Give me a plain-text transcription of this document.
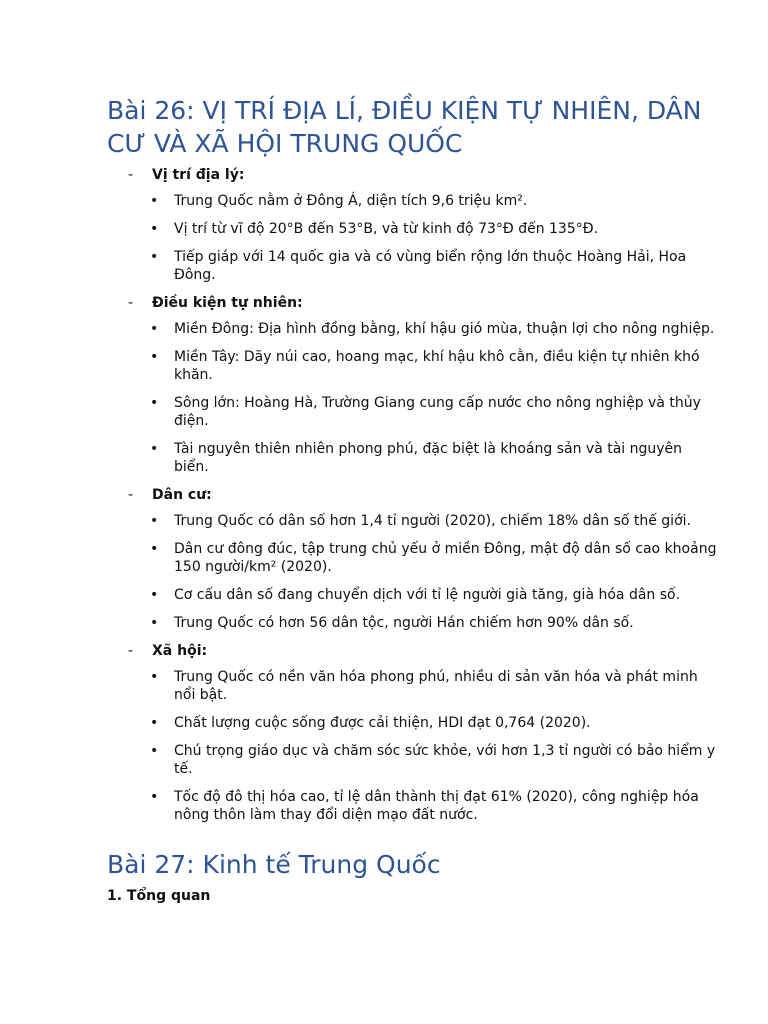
Bài 26: VỊ TRÍ ĐỊA LÍ, ĐIỀU KIỆN TỰ NHIÊN, DÂN CƯ VÀ XÃ HỘI TRUNG QUỐC
- Vị trí địa lý:
• Trung Quốc nằm ở Đông Á, diện tích 9,6 triệu km².
• Vị trí từ vĩ độ 20°B đến 53°B, và từ kinh độ 73°Đ đến 135°Đ.
• Tiếp giáp với 14 quốc gia và có vùng biển rộng lớn thuộc Hoàng Hải, Hoa Đông.
- Điều kiện tự nhiên:
• Miền Đông: Địa hình đồng bằng, khí hậu gió mùa, thuận lợi cho nông nghiệp.
• Miền Tây: Dãy núi cao, hoang mạc, khí hậu khô cằn, điều kiện tự nhiên khó khăn.
• Sông lớn: Hoàng Hà, Trường Giang cung cấp nước cho nông nghiệp và thủy điện.
• Tài nguyên thiên nhiên phong phú, đặc biệt là khoáng sản và tài nguyên biển.
- Dân cư:
• Trung Quốc có dân số hơn 1,4 tỉ người (2020), chiếm 18% dân số thế giới.
• Dân cư đông đúc, tập trung chủ yếu ở miền Đông, mật độ dân số cao khoảng 150 người/km² (2020).
• Cơ cấu dân số đang chuyển dịch với tỉ lệ người già tăng, già hóa dân số.
• Trung Quốc có hơn 56 dân tộc, người Hán chiếm hơn 90% dân số.
- Xã hội:
• Trung Quốc có nền văn hóa phong phú, nhiều di sản văn hóa và phát minh nổi bật.
• Chất lượng cuộc sống được cải thiện, HDI đạt 0,764 (2020).
• Chú trọng giáo dục và chăm sóc sức khỏe, với hơn 1,3 tỉ người có bảo hiểm y tế.
• Tốc độ đô thị hóa cao, tỉ lệ dân thành thị đạt 61% (2020), công nghiệp hóa nông thôn làm thay đổi diện mạo đất nước.
Bài 27: Kinh tế Trung Quốc
1. Tổng quan
